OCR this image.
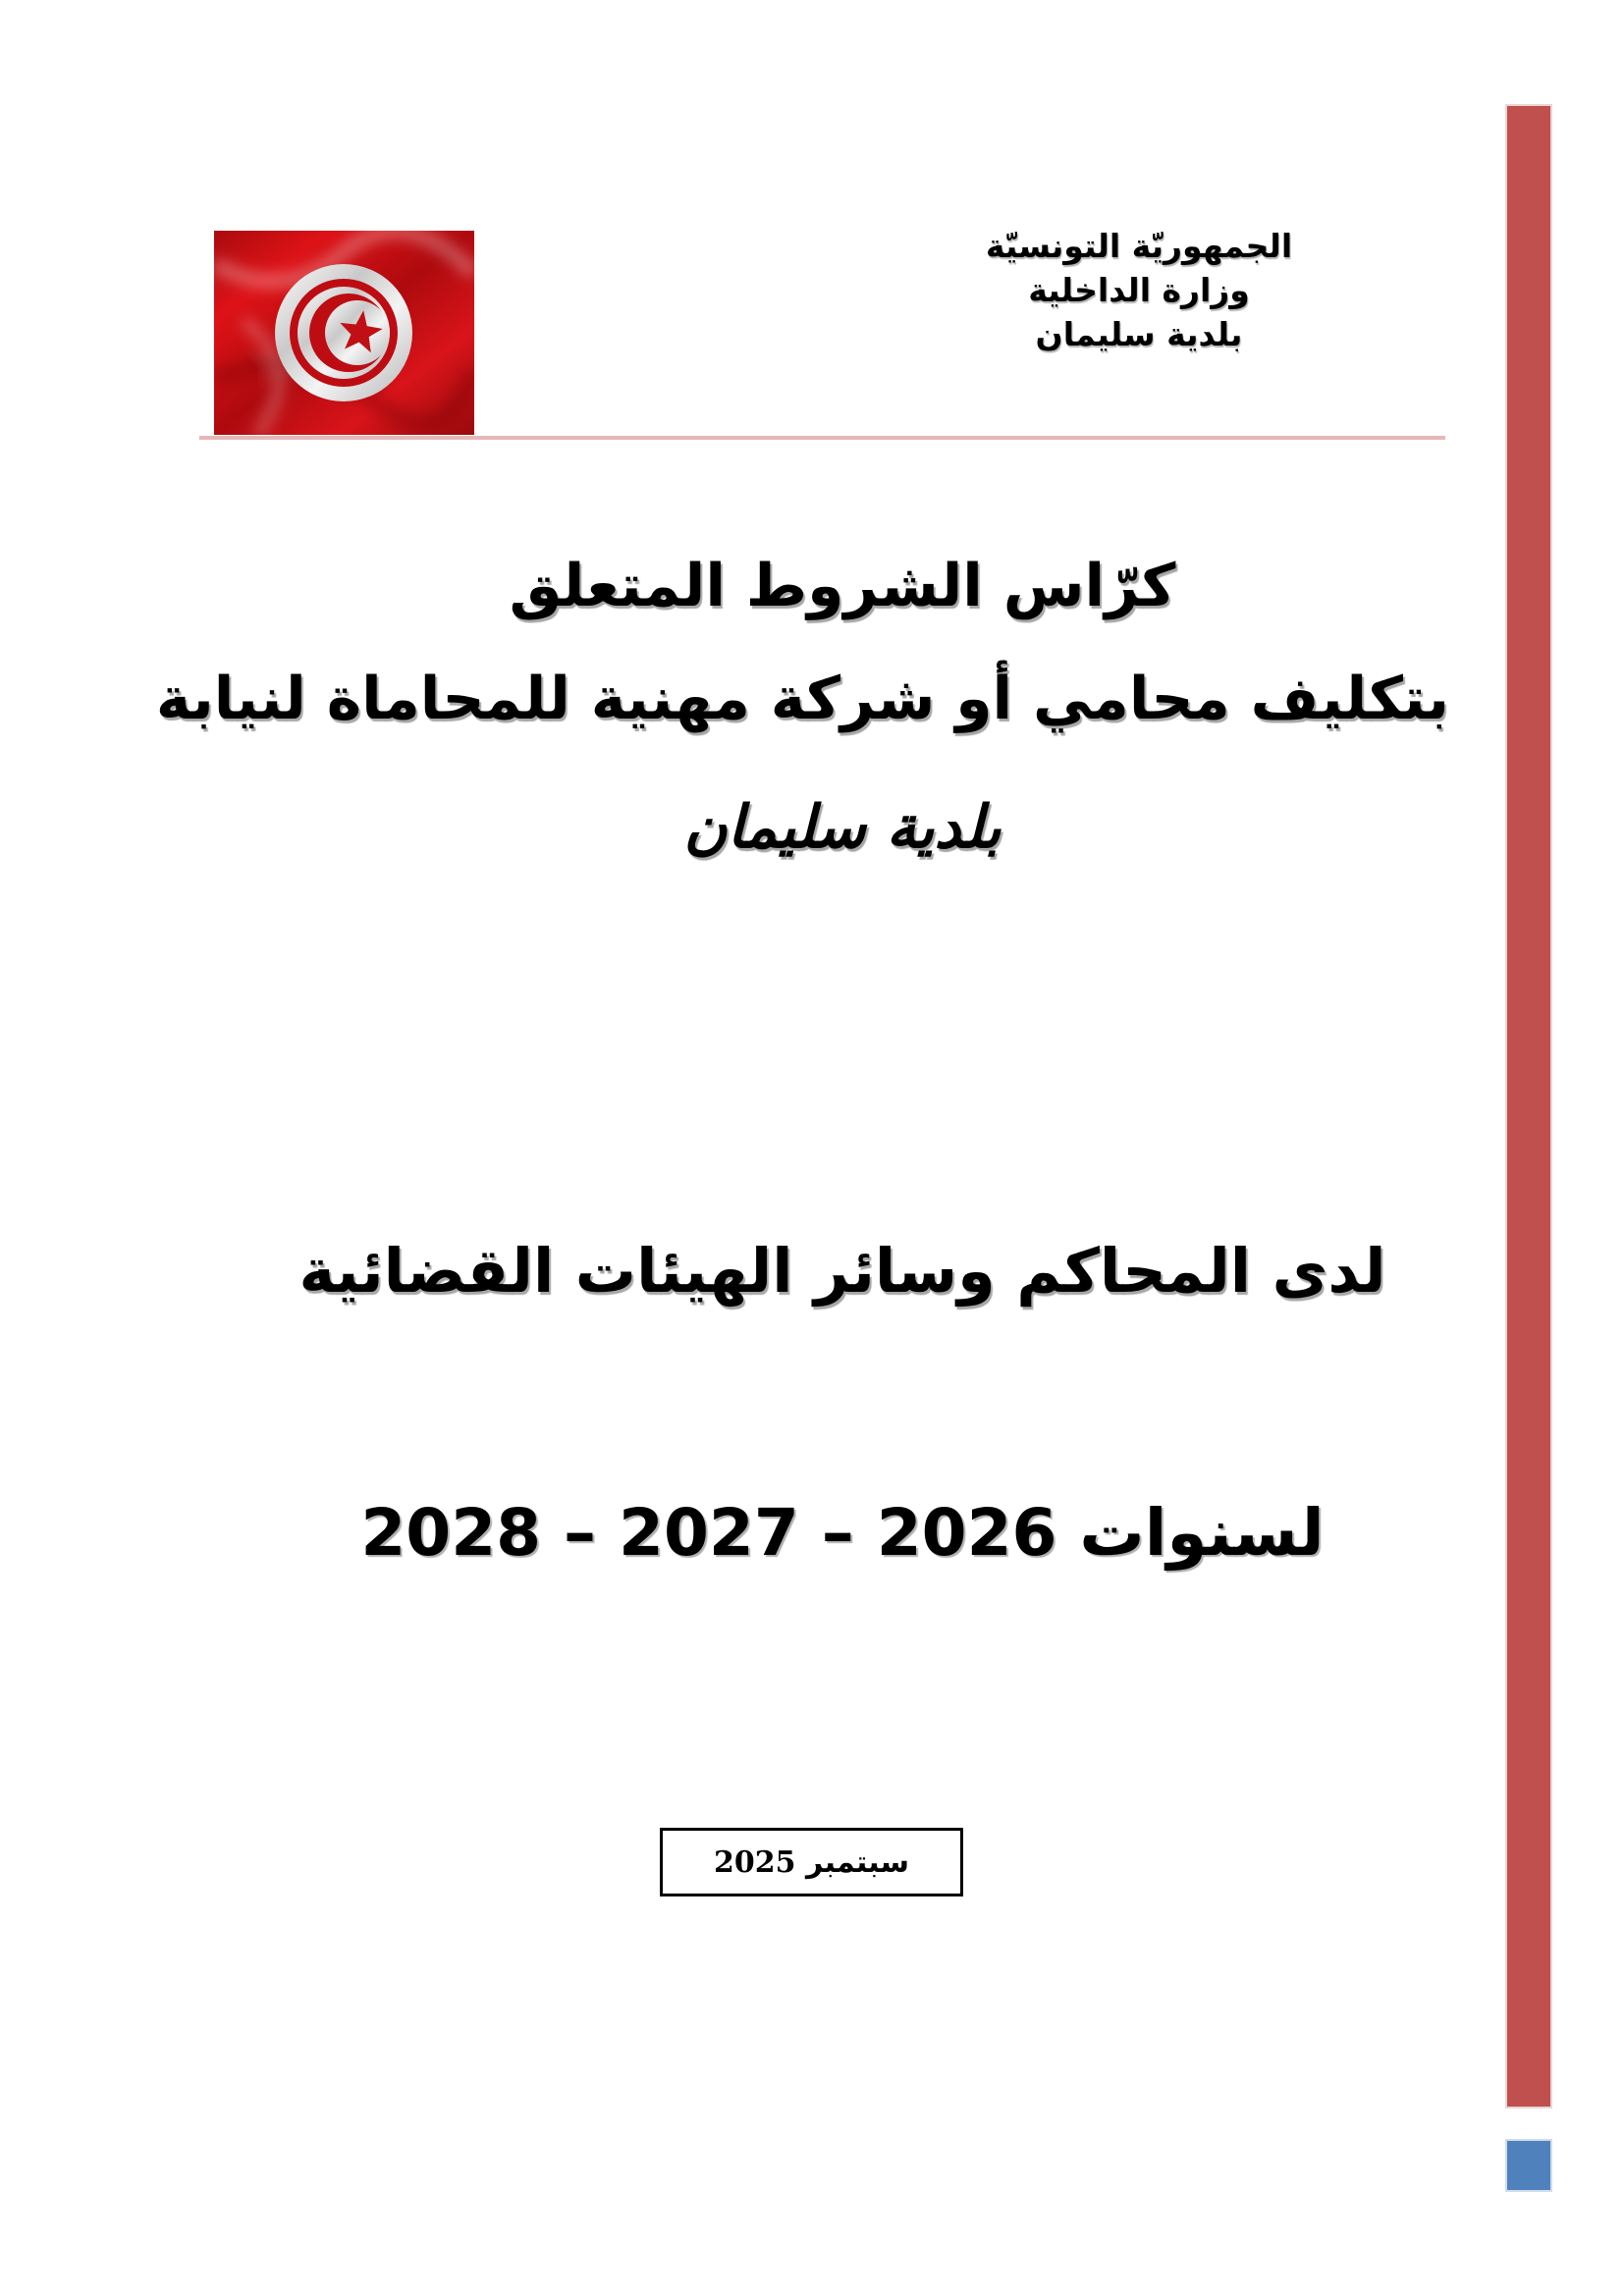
الجمهوريّة التونسيّة
وزارة الداخلية
بلدية سليمان
كرّاس الشروط المتعلق
بتكليف محامي أو شركة مهنية للمحاماة لنيابة
بلدية سليمان
لدى المحاكم وسائر الهيئات القضائية
لسنوات 2026 – 2027 – 2028
سبتمبر 2025
